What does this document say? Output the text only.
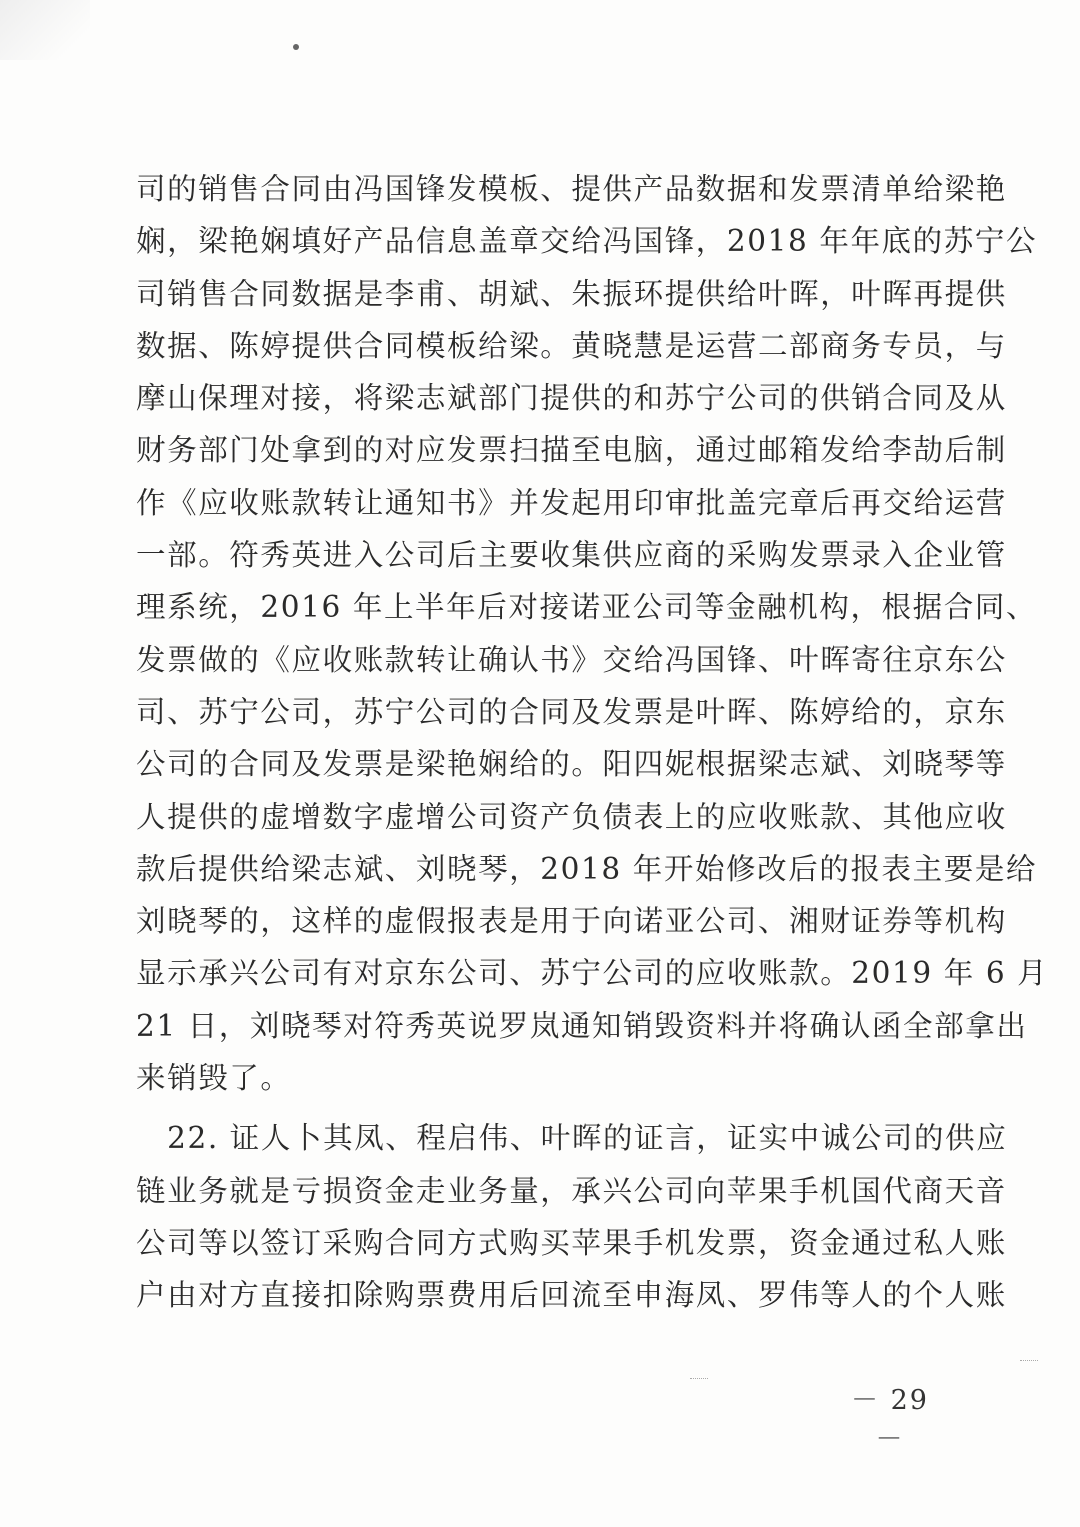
司的销售合同由冯国锋发模板、提供产品数据和发票清单给梁艳
娴，梁艳娴填好产品信息盖章交给冯国锋，2018 年年底的苏宁公
司销售合同数据是李甫、胡斌、朱振环提供给叶晖，叶晖再提供
数据、陈婷提供合同模板给梁。黄晓慧是运营二部商务专员，与
摩山保理对接，将梁志斌部门提供的和苏宁公司的供销合同及从
财务部门处拿到的对应发票扫描至电脑，通过邮箱发给李劼后制
作《应收账款转让通知书》并发起用印审批盖完章后再交给运营
一部。符秀英进入公司后主要收集供应商的采购发票录入企业管
理系统，2016 年上半年后对接诺亚公司等金融机构，根据合同、
发票做的《应收账款转让确认书》交给冯国锋、叶晖寄往京东公
司、苏宁公司，苏宁公司的合同及发票是叶晖、陈婷给的，京东
公司的合同及发票是梁艳娴给的。阳四妮根据梁志斌、刘晓琴等
人提供的虚增数字虚增公司资产负债表上的应收账款、其他应收
款后提供给梁志斌、刘晓琴，2018 年开始修改后的报表主要是给
刘晓琴的，这样的虚假报表是用于向诺亚公司、湘财证券等机构
显示承兴公司有对京东公司、苏宁公司的应收账款。2019 年 6 月
21 日，刘晓琴对符秀英说罗岚通知销毁资料并将确认函全部拿出
来销毁了。
　22. 证人卜其凤、程启伟、叶晖的证言，证实中诚公司的供应
链业务就是亏损资金走业务量，承兴公司向苹果手机国代商天音
公司等以签订采购合同方式购买苹果手机发票，资金通过私人账
户由对方直接扣除购票费用后回流至申海凤、罗伟等人的个人账
－ 29 －
